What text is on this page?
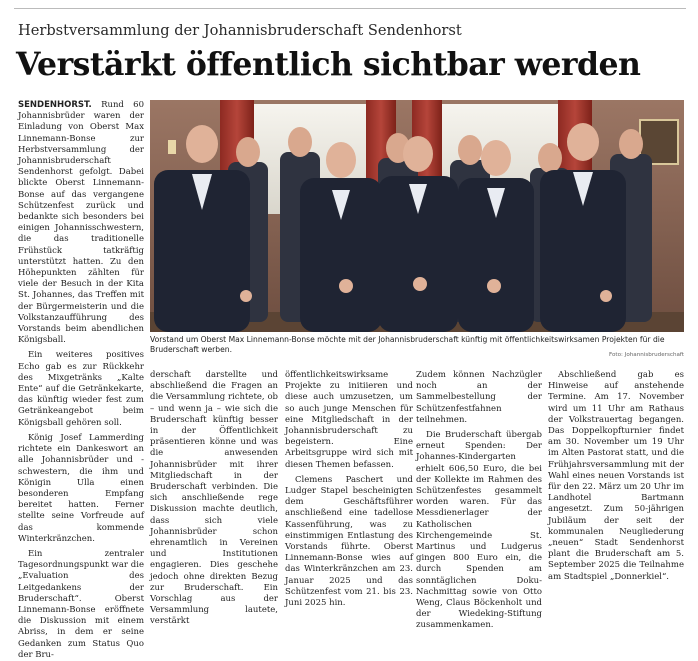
Herbstversammlung der Johannisbruderschaft Sendenhorst
Verstärkt öffentlich sichtbar werden

SENDENHORST. Rund 60 Johannisbrüder waren der Einladung von Oberst Max Linnemann-Bonse zur Herbstversammlung der Johannisbruderschaft Sendenhorst gefolgt. Dabei blickte Oberst Linnemann-Bonse auf das vergangene Schützenfest zurück und bedankte sich besonders bei einigen Johannisschwestern, die das traditionelle Frühstück tatkräftig unterstützt hatten. Zu den Höhepunkten zählten für viele der Besuch in der Kita St. Johannes, das Treffen mit der Bürgermeisterin und die Volkstanzaufführung des Vorstands beim abendlichen Königsball.

Ein weiteres positives Echo gab es zur Rückkehr des Mixgetränks „Kalte Ente“ auf die Getränkekarte, das künftig wieder fest zum Getränkeangebot beim Königsball gehören soll.

König Josef Lammerding richtete ein Dankeswort an alle Johannisbrüder und -schwestern, die ihm und Königin Ulla einen besonderen Empfang bereitet hatten. Ferner stellte seine Vorfreude auf das kommende Winterkränzchen.

Ein zentraler Tagesordnungspunkt war die „Evaluation des Leitgedankens der Bruderschaft“. Oberst Linnemann-Bonse eröffnete die Diskussion mit einem Abriss, in dem er seine Gedanken zum Status Quo der Bru-

Vorstand um Oberst Max Linnemann-Bonse möchte mit der Johannisbruderschaft künftig mit öffentlichkeitswirksamen Projekten für die Bruderschaft werben.
Foto: Johannisbruderschaft

derschaft darstellte und abschließend die Fragen an die Versammlung richtete, ob – und wenn ja – wie sich die Bruderschaft künftig besser in der Öffentlichkeit präsentieren könne und was die anwesenden Johannisbrüder mit ihrer Mitgliedschaft in der Bruderschaft verbinden. Die sich anschließende rege Diskussion machte deutlich, dass sich viele Johannisbrüder schon ehrenamtlich in Vereinen und Institutionen engagieren. Dies geschehe jedoch ohne direkten Bezug zur Bruderschaft. Ein Vorschlag aus der Versammlung lautete, verstärkt

öffentlichkeitswirksame Projekte zu initiieren und diese auch umzusetzen, um so auch junge Menschen für eine Mitgliedschaft in der Johannisbruderschaft zu begeistern. Eine Arbeitsgruppe wird sich mit diesen Themen befassen.

Clemens Paschert und Ludger Stapel bescheinigten dem Geschäftsführer anschließend eine tadellose Kassenführung, was zu einstimmigen Entlastung des Vorstands führte. Oberst Linnemann-Bonse wies auf das Winterkränzchen am 23. Januar 2025 und das Schützenfest vom 21. bis 23. Juni 2025 hin.

Zudem können Nachzügler noch an der Sammelbestellung der Schützenfestfahnen teilnehmen.

Die Bruderschaft übergab erneut Spenden: Der Johannes-Kindergarten erhielt 606,50 Euro, die bei der Kollekte im Rahmen des Schützenfestes gesammelt worden waren. Für das Messdienerlager der Katholischen Kirchengemeinde St. Martinus und Ludgerus gingen 800 Euro ein, die durch Spenden am sonntäglichen Doku-Nachmittag sowie von Otto Weng, Claus Böckenholt und der Wiedeking-Stiftung zusammenkamen.

Abschließend gab es Hinweise auf anstehende Termine. Am 17. November wird um 11 Uhr am Rathaus der Volkstrauertag begangen. Das Doppelkopfturnier findet am 30. November um 19 Uhr im Alten Pastorat statt, und die Frühjahrsversammlung mit der Wahl eines neuen Vorstands ist für den 22. März um 20 Uhr im Landhotel Bartmann angesetzt. Zum 50-jährigen Jubiläum der seit der kommunalen Neugliederung „neuen“ Stadt Sendenhorst plant die Bruderschaft am 5. September 2025 die Teilnahme am Stadtspiel „Donnerkiel“.
